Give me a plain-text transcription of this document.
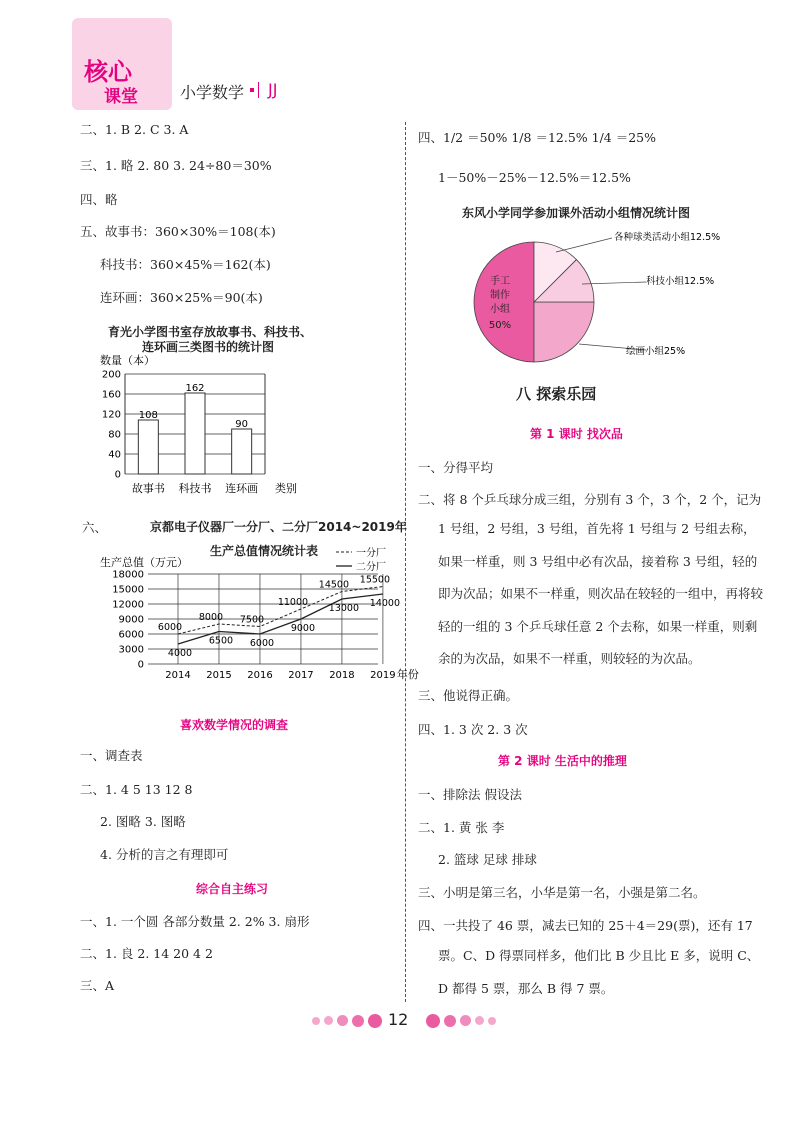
核心
课堂	小学数学 JJ
二、1. B 2. C 3. A
三、1. 略 2. 80 3. 24÷80＝30%
四、略
五、故事书：360×30%＝108(本)
科技书：360×45%＝162(本)
连环画：360×25%＝90(本)
育光小学图书室存放故事书、科技书、
连环画三类图书的统计图
数量（本）
0
40
80
120
160
200
108
故事书
162
科技书
90
连环画 类别
六、	京都电子仪器厂一分厂、二分厂2014~2019年
生产总值情况统计表
生产总值（万元）
0
3000
6000
9000
12000
15000
18000
2014 2015 2016 2017 2018 2019 年份
6000
8000 7500
11000
14500 15500
4000
6500 6000
9000
13000 14000
一分厂
二分厂
喜欢数学情况的调查
一、调查表
二、1. 4 5 13 12 8
2. 图略 3. 图略
4. 分析的言之有理即可
综合自主练习
一、1. 一个圆 各部分数量 2. 2% 3. 扇形
二、1. 良 2. 14 20 4 2
三、A
四、1/2 ＝50% 1/8 ＝12.5% 1/4 ＝25%
1－50%－25%－12.5%＝12.5%
东风小学同学参加课外活动小组情况统计图
手工
制作
小组
50%
绘画小组25%
科技小组12.5%
各种球类活动小组12.5%
八 探索乐园
第 1 课时 找次品
一、分得平均
二、将 8 个乒乓球分成三组，分别有 3 个，3 个，2 个，记为
1 号组，2 号组，3 号组，首先将 1 号组与 2 号组去称，如果一样重，则 3 号组中必有次品，接着称 3 号组，轻的即为次品；如果不一样重，则次品在较轻的一组中，再将较轻的一组的 3 个乒乓球任意 2 个去称，如果一样重，则剩余的为次品，如果不一样重，则较轻的为次品。
三、他说得正确。
四、1. 3 次 2. 3 次
第 2 课时 生活中的推理
一、排除法 假设法
二、1. 黄 张 李
2. 篮球 足球 排球
三、小明是第三名，小华是第一名，小强是第二名。
四、一共投了 46 票，减去已知的 25＋4＝29(票)，还有 17
票。C、D 得票同样多，他们比 B 少且比 E 多，说明 C、D 都得 5 票，那么 B 得 7 票。
12
